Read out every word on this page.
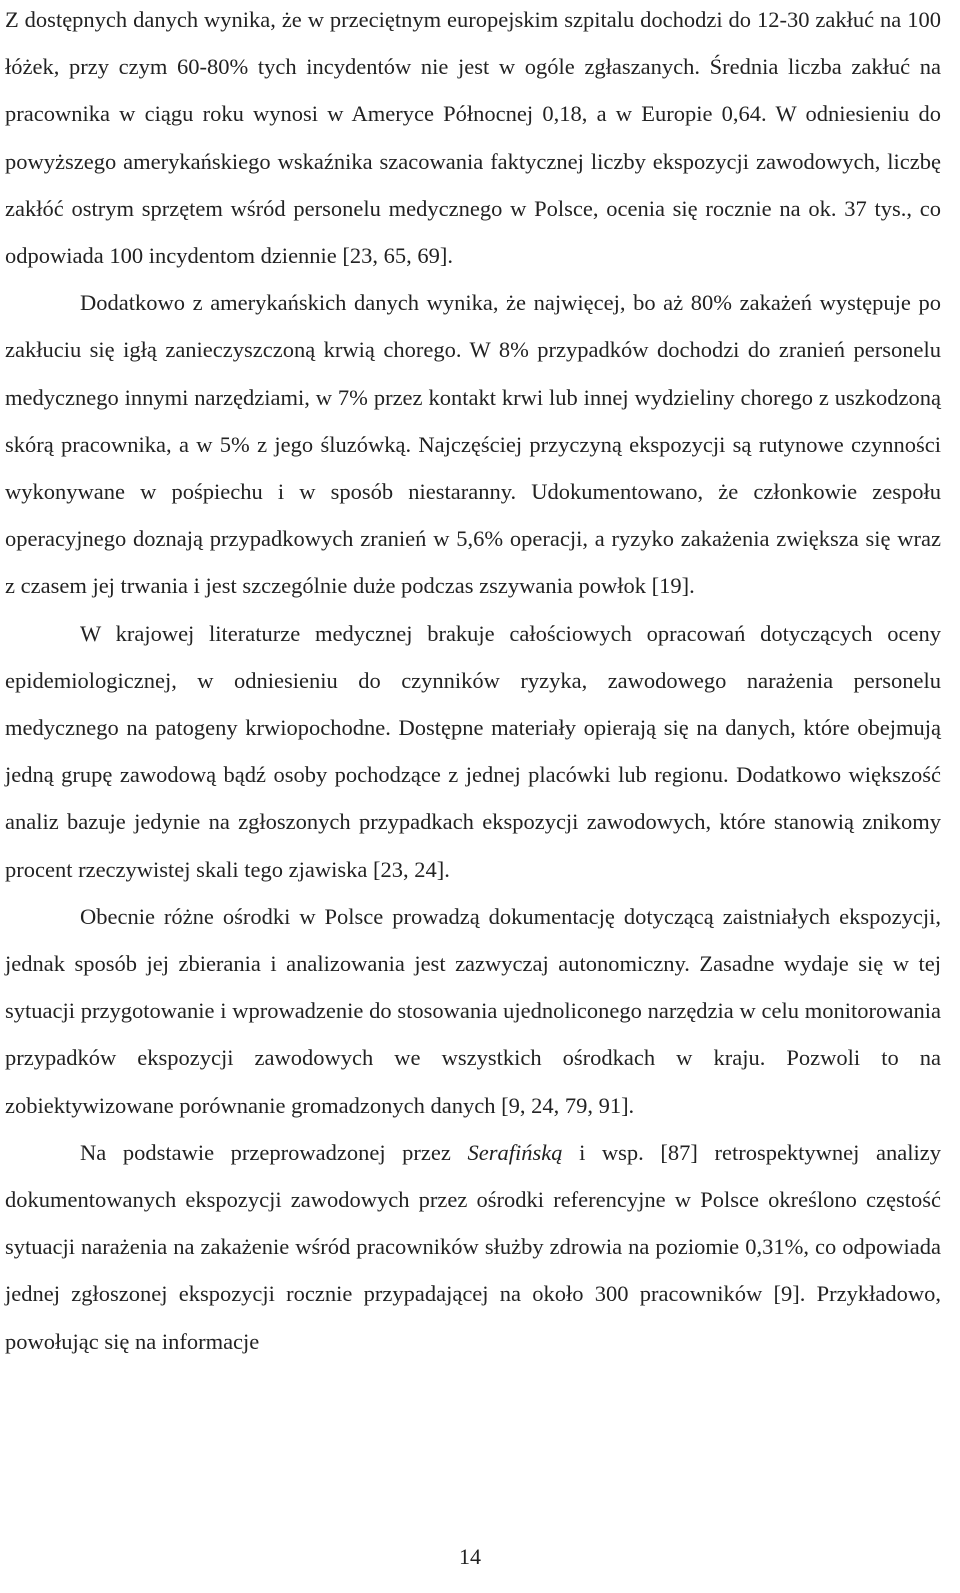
Z dostępnych danych wynika, że w przeciętnym europejskim szpitalu dochodzi do 12-30 zakłuć na 100 łóżek, przy czym 60-80% tych incydentów nie jest w ogóle zgłaszanych. Średnia liczba zakłuć na pracownika w ciągu roku wynosi w Ameryce Północnej 0,18, a w Europie 0,64. W odniesieniu do powyższego amerykańskiego wskaźnika szacowania faktycznej liczby ekspozycji zawodowych, liczbę zakłóć ostrym sprzętem wśród personelu medycznego w Polsce, ocenia się rocznie na ok. 37 tys., co odpowiada 100 incydentom dziennie [23, 65, 69].

Dodatkowo z amerykańskich danych wynika, że najwięcej, bo aż 80% zakażeń występuje po zakłuciu się igłą zanieczyszczoną krwią chorego. W 8% przypadków dochodzi do zranień personelu medycznego innymi narzędziami, w 7% przez kontakt krwi lub innej wydzieliny chorego z uszkodzoną skórą pracownika, a w 5% z jego śluzówką. Najczęściej przyczyną ekspozycji są rutynowe czynności wykonywane w pośpiechu i w sposób niestaranny. Udokumentowano, że członkowie zespołu operacyjnego doznają przypadkowych zranień w 5,6% operacji, a ryzyko zakażenia zwiększa się wraz z czasem jej trwania i jest szczególnie duże podczas zszywania powłok [19].

W krajowej literaturze medycznej brakuje całościowych opracowań dotyczących oceny epidemiologicznej, w odniesieniu do czynników ryzyka, zawodowego narażenia personelu medycznego na patogeny krwiopochodne. Dostępne materiały opierają się na danych, które obejmują jedną grupę zawodową bądź osoby pochodzące z jednej placówki lub regionu. Dodatkowo większość analiz bazuje jedynie na zgłoszonych przypadkach ekspozycji zawodowych, które stanowią znikomy procent rzeczywistej skali tego zjawiska [23, 24].

Obecnie różne ośrodki w Polsce prowadzą dokumentację dotyczącą zaistniałych ekspozycji, jednak sposób jej zbierania i analizowania jest zazwyczaj autonomiczny. Zasadne wydaje się w tej sytuacji przygotowanie i wprowadzenie do stosowania ujednoliconego narzędzia w celu monitorowania przypadków ekspozycji zawodowych we wszystkich ośrodkach w kraju. Pozwoli to na zobiektywizowane porównanie gromadzonych danych [9, 24, 79, 91].

Na podstawie przeprowadzonej przez Serafińską i wsp. [87] retrospektywnej analizy dokumentowanych ekspozycji zawodowych przez ośrodki referencyjne w Polsce określono częstość sytuacji narażenia na zakażenie wśród pracowników służby zdrowia na poziomie 0,31%, co odpowiada jednej zgłoszonej ekspozycji rocznie przypadającej na około 300 pracowników [9]. Przykładowo, powołując się na informacje

14
